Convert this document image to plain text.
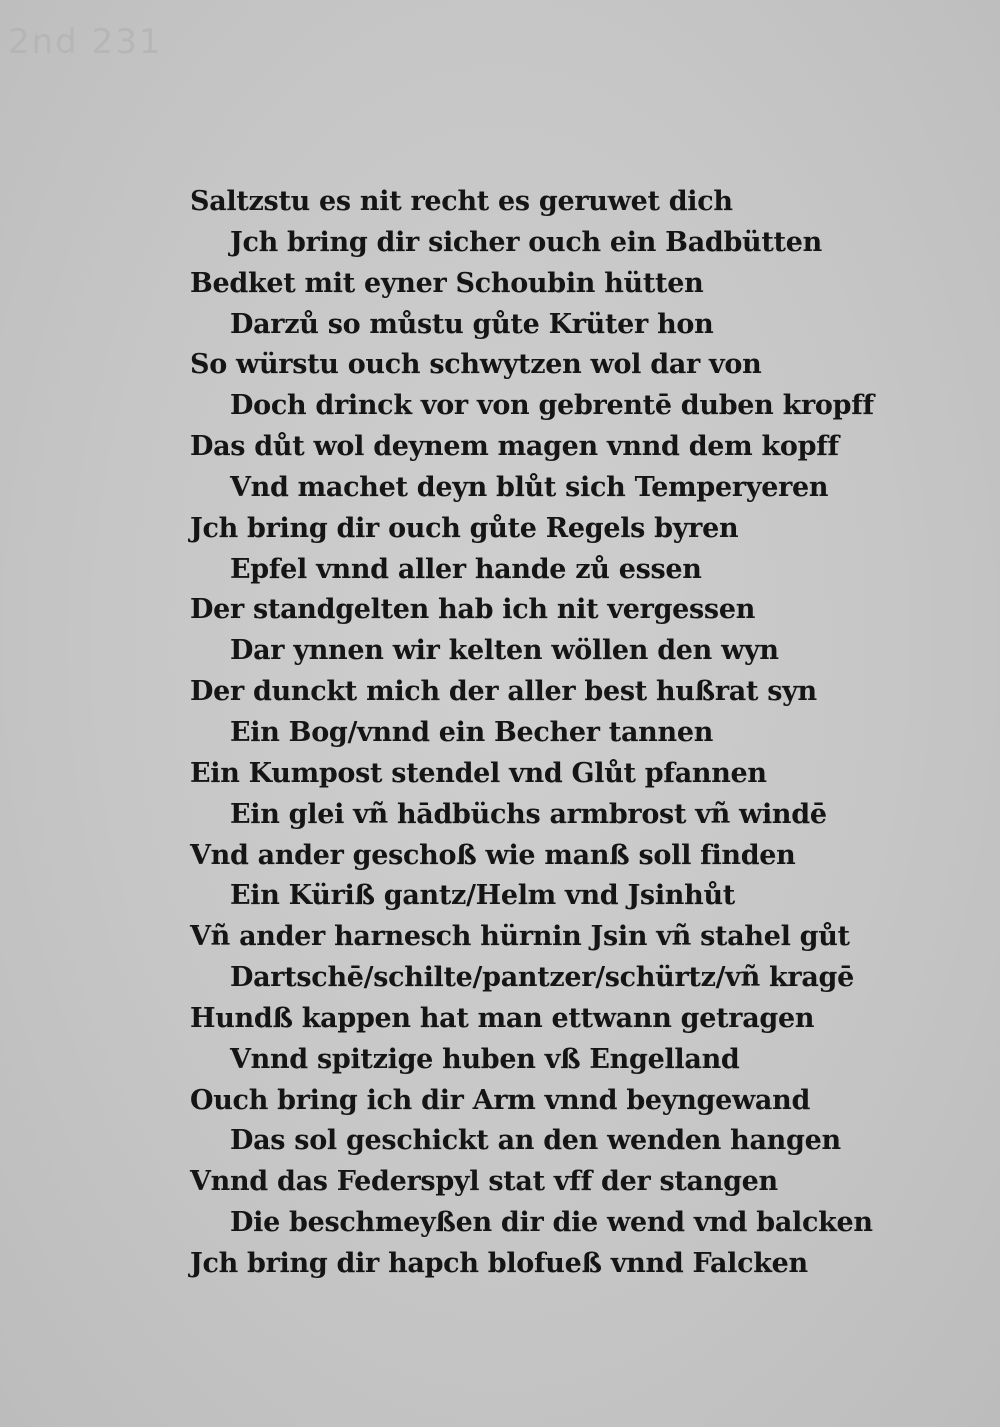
2nd 231
Saltzstu es nit recht es geruwet dich
Jch bring dir sicher ouch ein Badbütten
Bedket mit eyner Schoubin hütten
Darzů so můstu gůte Krüter hon
So würstu ouch schwytzen wol dar von
Doch drinck vor von gebrentē duben kropff
Das důt wol deynem magen vnnd dem kopff
Vnd machet deyn blůt sich Temperyeren
Jch bring dir ouch gůte Regels byren
Epfel vnnd aller hande zů essen
Der standgelten hab ich nit vergessen
Dar ynnen wir kelten wöllen den wyn
Der dunckt mich der aller best hußrat syn
Ein Bog/vnnd ein Becher tannen
Ein Kumpost stendel vnd Glůt pfannen
Ein glei vñ hādbüchs armbrost vñ windē
Vnd ander geschoß wie manß soll finden
Ein Küriß gantz/Helm vnd Jsinhůt
Vñ ander harnesch hürnin Jsin vñ stahel gůt
Dartschē/schilte/pantzer/schürtz/vñ kragē
Hundß kappen hat man ettwann getragen
Vnnd spitzige huben vß Engelland
Ouch bring ich dir Arm vnnd beyngewand
Das sol geschickt an den wenden hangen
Vnnd das Federspyl stat vff der stangen
Die beschmeyßen dir die wend vnd balcken
Jch bring dir hapch blofueß vnnd Falcken
